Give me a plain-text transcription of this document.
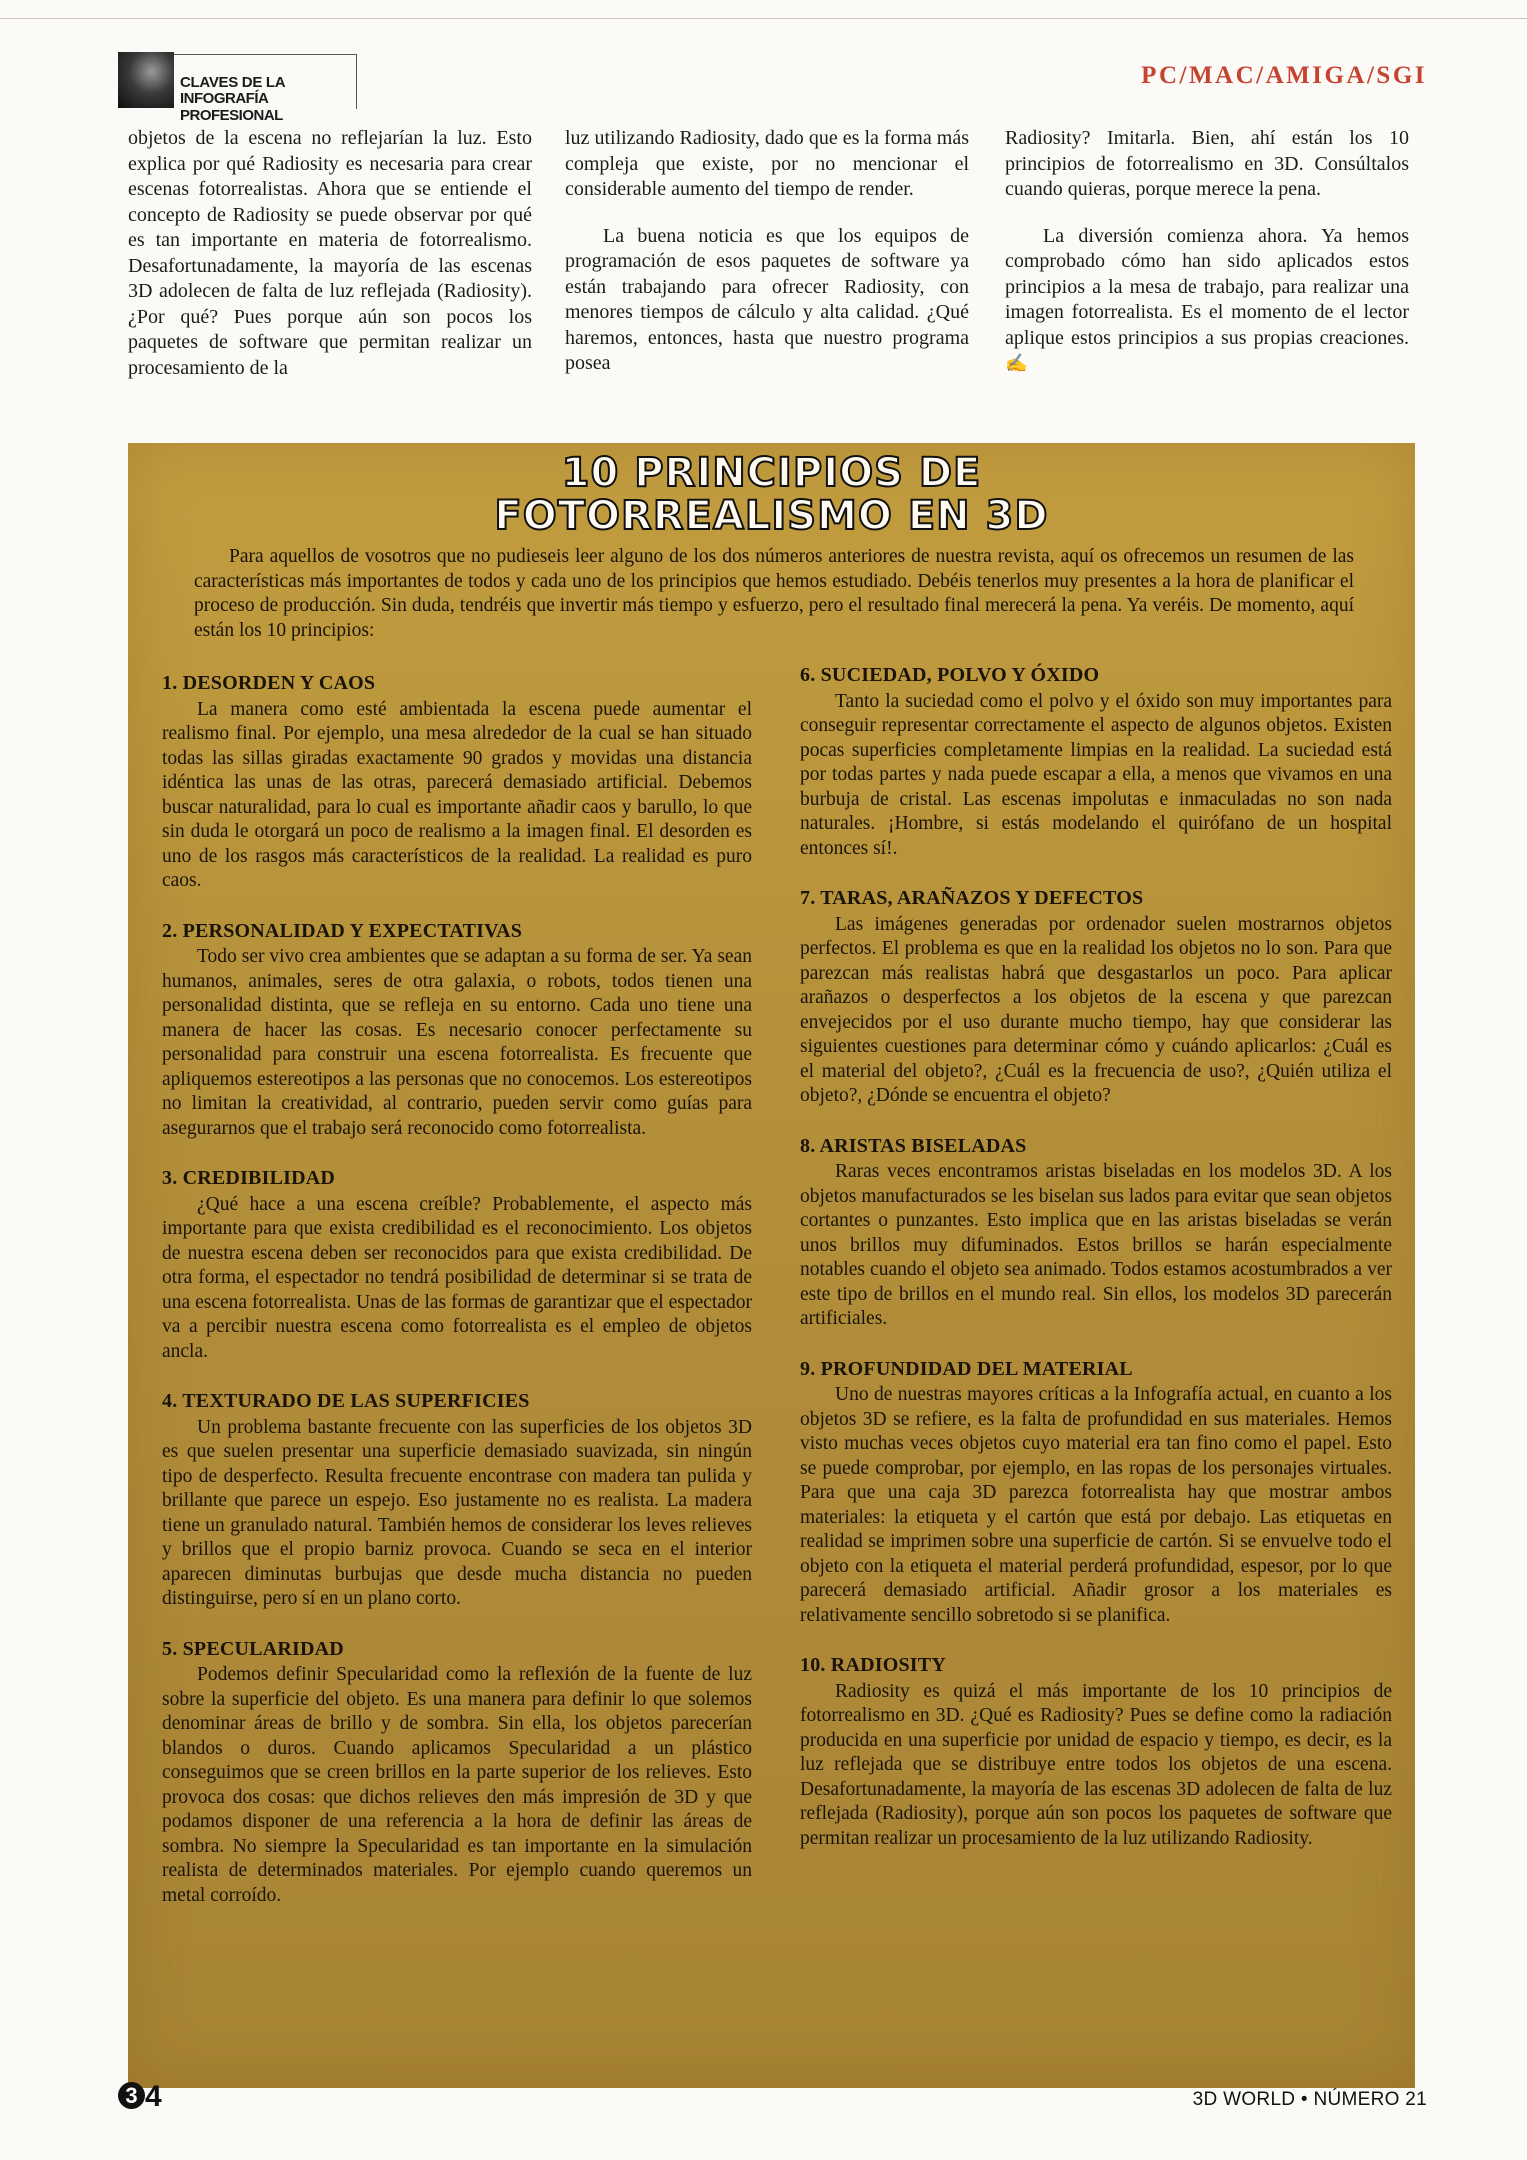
CLAVES DE LA
INFOGRAFÍA PROFESIONAL
PC/MAC/AMIGA/SGI

objetos de la escena no reflejarían la luz. Esto explica por qué Radiosity es necesaria para crear escenas fotorrealistas. Ahora que se entiende el concepto de Radiosity se puede observar por qué es tan importante en materia de fotorrealismo. Desafortunadamente, la mayoría de las escenas 3D adolecen de falta de luz reflejada (Radiosity). ¿Por qué? Pues porque aún son pocos los paquetes de software que permitan realizar un procesamiento de la

luz utilizando Radiosity, dado que es la forma más compleja que existe, por no mencionar el considerable aumento del tiempo de render.

La buena noticia es que los equipos de programación de esos paquetes de software ya están trabajando para ofrecer Radiosity, con menores tiempos de cálculo y alta calidad. ¿Qué haremos, entonces, hasta que nuestro programa posea

Radiosity? Imitarla. Bien, ahí están los 10 principios de fotorrealismo en 3D. Consúltalos cuando quieras, porque merece la pena.

La diversión comienza ahora. Ya hemos comprobado cómo han sido aplicados estos principios a la mesa de trabajo, para realizar una imagen fotorrealista. Es el momento de el lector aplique estos principios a sus propias creaciones. ✍

10 PRINCIPIOS DE
FOTORREALISMO EN 3D
Para aquellos de vosotros que no pudieseis leer alguno de los dos números anteriores de nuestra revista, aquí os ofrecemos un resumen de las características más importantes de todos y cada uno de los principios que hemos estudiado. Debéis tenerlos muy presentes a la hora de planificar el proceso de producción. Sin duda, tendréis que invertir más tiempo y esfuerzo, pero el resultado final merecerá la pena. Ya veréis. De momento, aquí están los 10 principios:
1. DESORDEN Y CAOS

La manera como esté ambientada la escena puede aumentar el realismo final. Por ejemplo, una mesa alrededor de la cual se han situado todas las sillas giradas exactamente 90 grados y movidas una distancia idéntica las unas de las otras, parecerá demasiado artificial. Debemos buscar naturalidad, para lo cual es importante añadir caos y barullo, lo que sin duda le otorgará un poco de realismo a la imagen final. El desorden es uno de los rasgos más característicos de la realidad. La realidad es puro caos.

2. PERSONALIDAD Y EXPECTATIVAS

Todo ser vivo crea ambientes que se adaptan a su forma de ser. Ya sean humanos, animales, seres de otra galaxia, o robots, todos tienen una personalidad distinta, que se refleja en su entorno. Cada uno tiene una manera de hacer las cosas. Es necesario conocer perfectamente su personalidad para construir una escena fotorrealista. Es frecuente que apliquemos estereotipos a las personas que no conocemos. Los estereotipos no limitan la creatividad, al contrario, pueden servir como guías para asegurarnos que el trabajo será reconocido como fotorrealista.

3. CREDIBILIDAD

¿Qué hace a una escena creíble? Probablemente, el aspecto más importante para que exista credibilidad es el reconocimiento. Los objetos de nuestra escena deben ser reconocidos para que exista credibilidad. De otra forma, el espectador no tendrá posibilidad de determinar si se trata de una escena fotorrealista. Unas de las formas de garantizar que el espectador va a percibir nuestra escena como fotorrealista es el empleo de objetos ancla.

4. TEXTURADO DE LAS SUPERFICIES

Un problema bastante frecuente con las superficies de los objetos 3D es que suelen presentar una superficie demasiado suavizada, sin ningún tipo de desperfecto. Resulta frecuente encontrase con madera tan pulida y brillante que parece un espejo. Eso justamente no es realista. La madera tiene un granulado natural. También hemos de considerar los leves relieves y brillos que el propio barniz provoca. Cuando se seca en el interior aparecen diminutas burbujas que desde mucha distancia no pueden distinguirse, pero sí en un plano corto.

5. SPECULARIDAD

Podemos definir Specularidad como la reflexión de la fuente de luz sobre la superficie del objeto. Es una manera para definir lo que solemos denominar áreas de brillo y de sombra. Sin ella, los objetos parecerían blandos o duros. Cuando aplicamos Specularidad a un plástico conseguimos que se creen brillos en la parte superior de los relieves. Esto provoca dos cosas: que dichos relieves den más impresión de 3D y que podamos disponer de una referencia a la hora de definir las áreas de sombra. No siempre la Specularidad es tan importante en la simulación realista de determinados materiales. Por ejemplo cuando queremos un metal corroído.

6. SUCIEDAD, POLVO Y ÓXIDO

Tanto la suciedad como el polvo y el óxido son muy importantes para conseguir representar correctamente el aspecto de algunos objetos. Existen pocas superficies completamente limpias en la realidad. La suciedad está por todas partes y nada puede escapar a ella, a menos que vivamos en una burbuja de cristal. Las escenas impolutas e inmaculadas no son nada naturales. ¡Hombre, si estás modelando el quirófano de un hospital entonces sí!.

7. TARAS, ARAÑAZOS Y DEFECTOS

Las imágenes generadas por ordenador suelen mostrarnos objetos perfectos. El problema es que en la realidad los objetos no lo son. Para que parezcan más realistas habrá que desgastarlos un poco. Para aplicar arañazos o desperfectos a los objetos de la escena y que parezcan envejecidos por el uso durante mucho tiempo, hay que considerar las siguientes cuestiones para determinar cómo y cuándo aplicarlos: ¿Cuál es el material del objeto?, ¿Cuál es la frecuencia de uso?, ¿Quién utiliza el objeto?, ¿Dónde se encuentra el objeto?

8. ARISTAS BISELADAS

Raras veces encontramos aristas biseladas en los modelos 3D. A los objetos manufacturados se les biselan sus lados para evitar que sean objetos cortantes o punzantes. Esto implica que en las aristas biseladas se verán unos brillos muy difuminados. Estos brillos se harán especialmente notables cuando el objeto sea animado. Todos estamos acostumbrados a ver este tipo de brillos en el mundo real. Sin ellos, los modelos 3D parecerán artificiales.

9. PROFUNDIDAD DEL MATERIAL

Uno de nuestras mayores críticas a la Infografía actual, en cuanto a los objetos 3D se refiere, es la falta de profundidad en sus materiales. Hemos visto muchas veces objetos cuyo material era tan fino como el papel. Esto se puede comprobar, por ejemplo, en las ropas de los personajes virtuales. Para que una caja 3D parezca fotorrealista hay que mostrar ambos materiales: la etiqueta y el cartón que está por debajo. Las etiquetas en realidad se imprimen sobre una superficie de cartón. Si se envuelve todo el objeto con la etiqueta el material perderá profundidad, espesor, por lo que parecerá demasiado artificial. Añadir grosor a los materiales es relativamente sencillo sobretodo si se planifica.

10. RADIOSITY

Radiosity es quizá el más importante de los 10 principios de fotorrealismo en 3D. ¿Qué es Radiosity? Pues se define como la radiación producida en una superficie por unidad de espacio y tiempo, es decir, es la luz reflejada que se distribuye entre todos los objetos de una escena. Desafortunadamente, la mayoría de las escenas 3D adolecen de falta de luz reflejada (Radiosity), porque aún son pocos los paquetes de software que permitan realizar un procesamiento de la luz utilizando Radiosity.

3 4	3D WORLD • NÚMERO 21
